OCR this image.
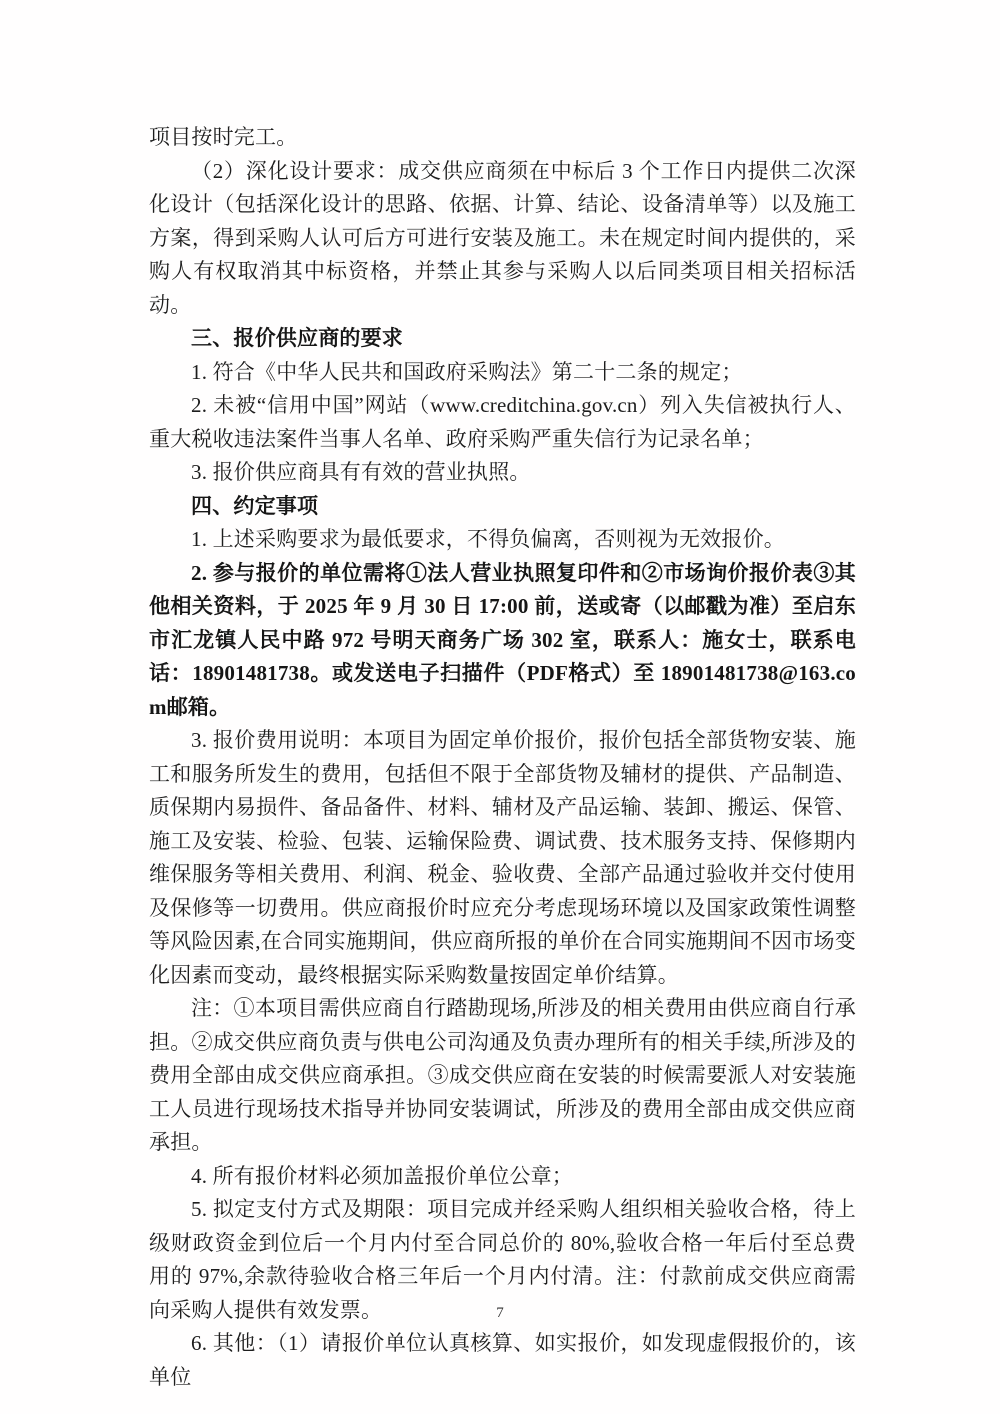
项目按时完工。

（2）深化设计要求：成交供应商须在中标后 3 个工作日内提供二次深化设计（包括深化设计的思路、依据、计算、结论、设备清单等）以及施工方案，得到采购人认可后方可进行安装及施工。未在规定时间内提供的，采购人有权取消其中标资格，并禁止其参与采购人以后同类项目相关招标活动。

三、报价供应商的要求

1. 符合《中华人民共和国政府采购法》第二十二条的规定；

2. 未被“信用中国”网站（www.creditchina.gov.cn）列入失信被执行人、重大税收违法案件当事人名单、政府采购严重失信行为记录名单；

3. 报价供应商具有有效的营业执照。

四、约定事项

1. 上述采购要求为最低要求，不得负偏离，否则视为无效报价。

2. 参与报价的单位需将①法人营业执照复印件和②市场询价报价表③其他相关资料，于 2025 年 9 月 30 日 17:00 前，送或寄（以邮戳为准）至启东市汇龙镇人民中路 972 号明天商务广场 302 室，联系人：施女士，联系电话：18901481738。或发送电子扫描件（PDF格式）至 18901481738@163.com邮箱。

3. 报价费用说明：本项目为固定单价报价，报价包括全部货物安装、施工和服务所发生的费用，包括但不限于全部货物及辅材的提供、产品制造、质保期内易损件、备品备件、材料、辅材及产品运输、装卸、搬运、保管、施工及安装、检验、包装、运输保险费、调试费、技术服务支持、保修期内维保服务等相关费用、利润、税金、验收费、全部产品通过验收并交付使用及保修等一切费用。供应商报价时应充分考虑现场环境以及国家政策性调整等风险因素,在合同实施期间，供应商所报的单价在合同实施期间不因市场变化因素而变动，最终根据实际采购数量按固定单价结算。

注：①本项目需供应商自行踏勘现场,所涉及的相关费用由供应商自行承担。②成交供应商负责与供电公司沟通及负责办理所有的相关手续,所涉及的费用全部由成交供应商承担。③成交供应商在安装的时候需要派人对安装施工人员进行现场技术指导并协同安装调试，所涉及的费用全部由成交供应商承担。

4. 所有报价材料必须加盖报价单位公章；

5. 拟定支付方式及期限：项目完成并经采购人组织相关验收合格，待上级财政资金到位后一个月内付至合同总价的 80%,验收合格一年后付至总费用的 97%,余款待验收合格三年后一个月内付清。注：付款前成交供应商需向采购人提供有效发票。

6. 其他：（1）请报价单位认真核算、如实报价，如发现虚假报价的，该单位

7
